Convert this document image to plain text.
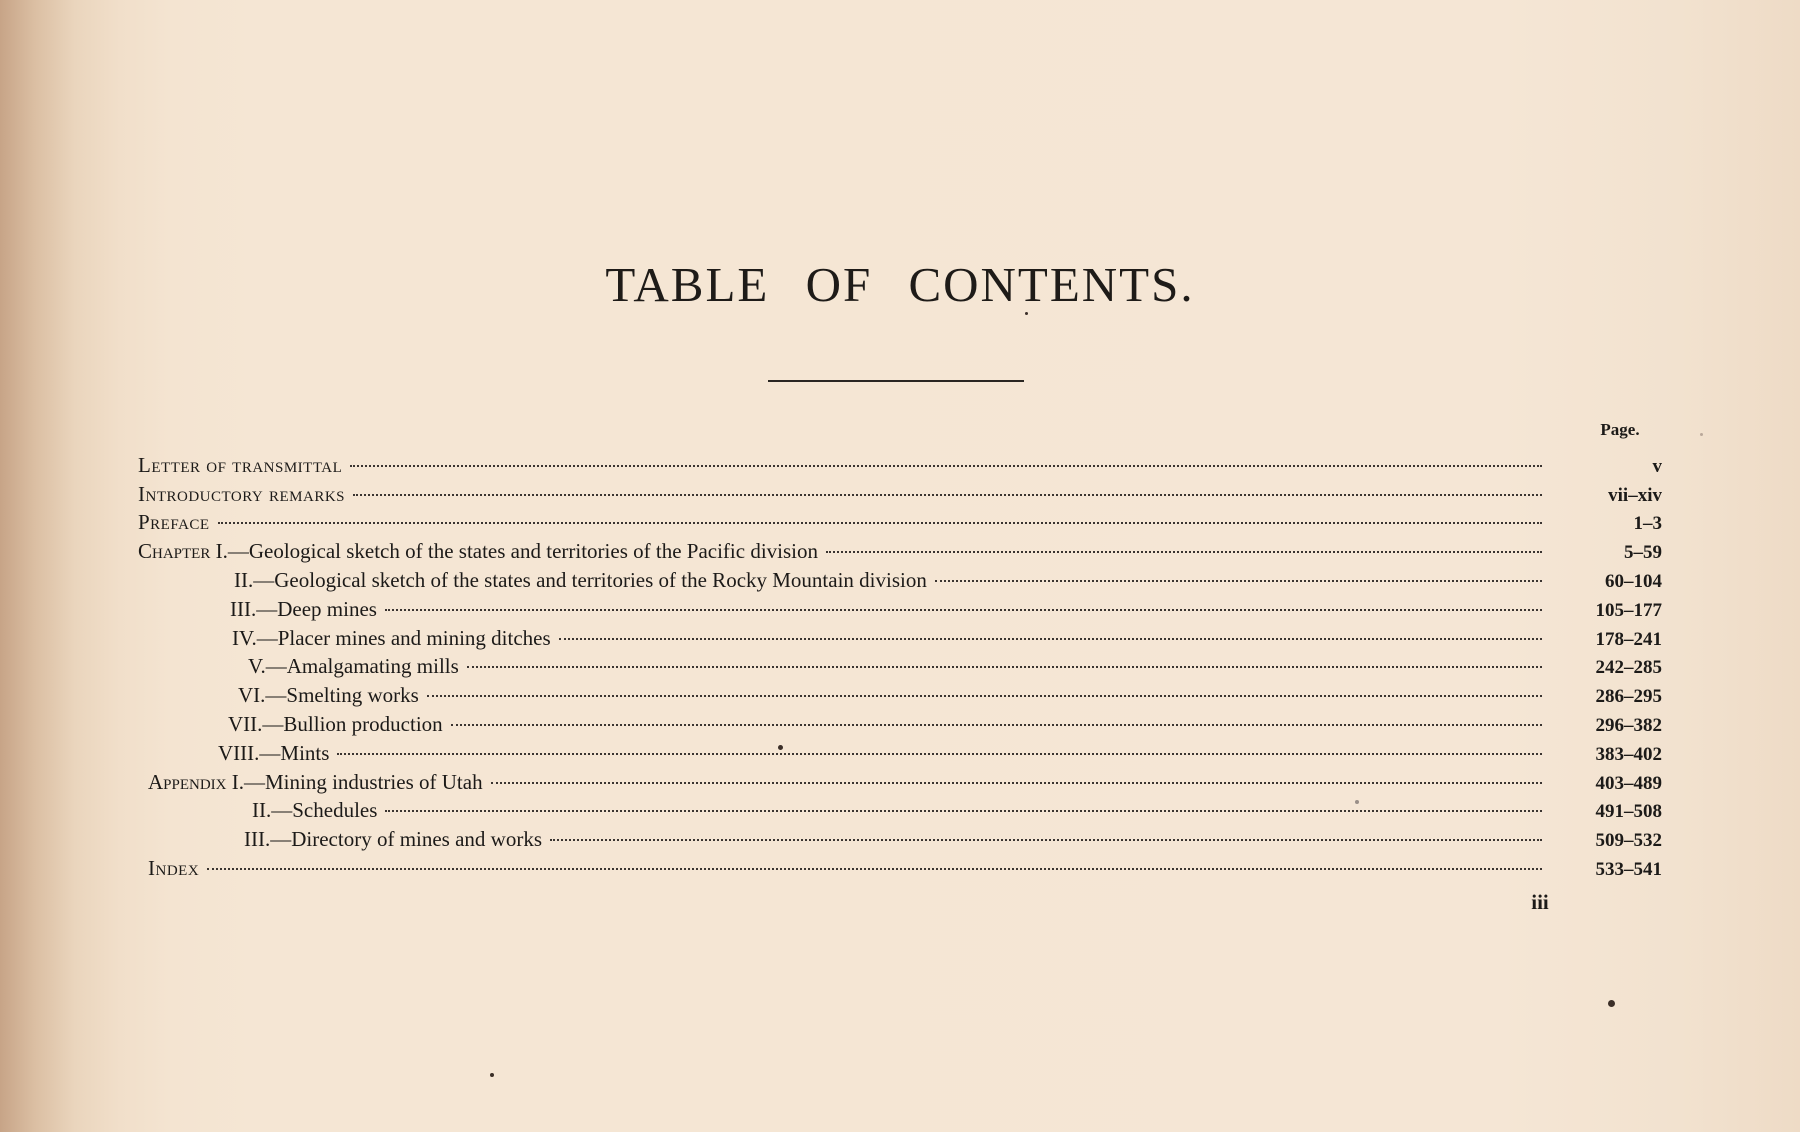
TABLE OF CONTENTS.
Page.
Letter of transmittal	v
Introductory remarks	vii–xiv
Preface	1–3
Chapter I. —Geological sketch of the states and territories of the Pacific division	5–59
II. —Geological sketch of the states and territories of the Rocky Mountain division	60–104
III. —Deep mines	105–177
IV. —Placer mines and mining ditches	178–241
V. —Amalgamating mills	242–285
VI. —Smelting works	286–295
VII. —Bullion production	296–382
VIII. —Mints	383–402
Appendix I. —Mining industries of Utah	403–489
II. —Schedules	491–508
III. —Directory of mines and works	509–532
Index	533–541
iii
